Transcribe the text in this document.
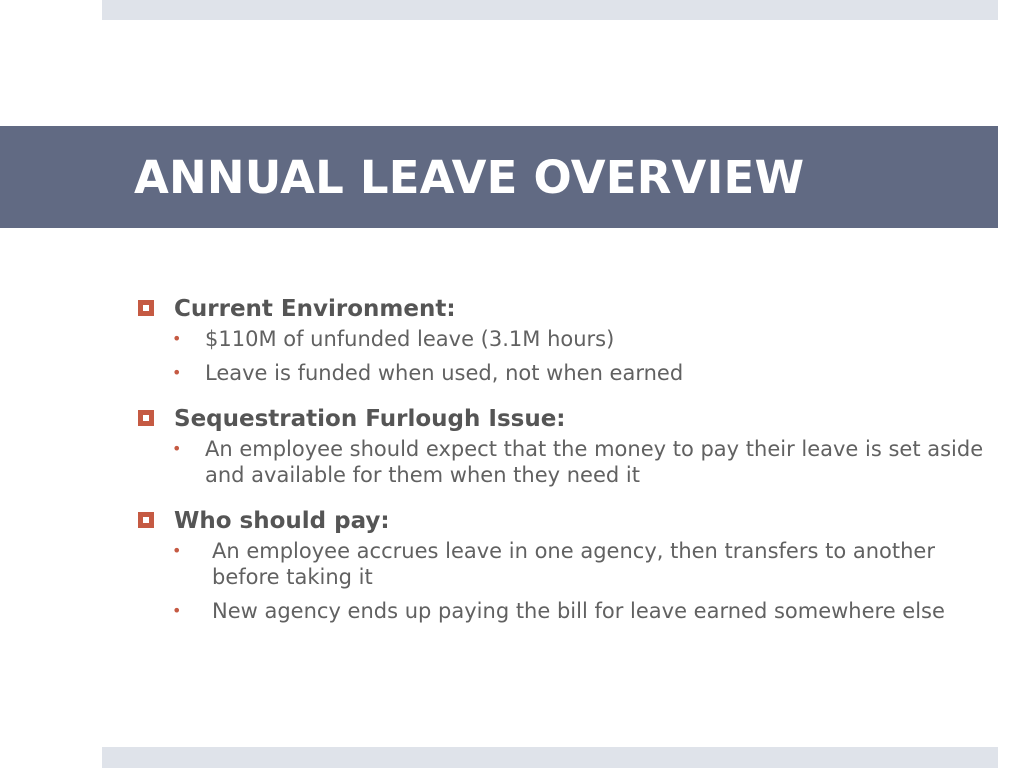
ANNUAL LEAVE OVERVIEW
Current Environment:
• $110M of unfunded leave (3.1M hours)
• Leave is funded when used, not when earned
Sequestration Furlough Issue:
• An employee should expect that the money to pay their leave is set aside and available for them when they need it
Who should pay:
• An employee accrues leave in one agency, then transfers to another before taking it
• New agency ends up paying the bill for leave earned somewhere else
